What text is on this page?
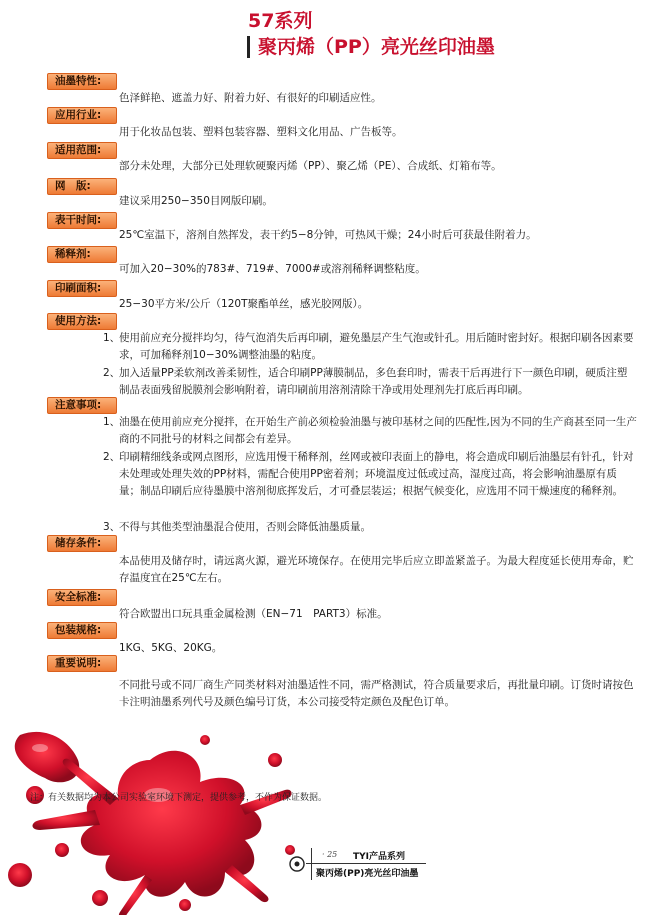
57系列
聚丙烯（PP）亮光丝印油墨
油墨特性:
色泽鲜艳、遮盖力好、附着力好、有很好的印刷适应性。
应用行业:
用于化妆品包装、塑料包装容器、塑料文化用品、广告板等。
适用范围:
部分未处理，大部分已处理软硬聚丙烯（PP）、聚乙烯（PE）、合成纸、灯箱布等。
网　版:
建议采用250−350目网版印刷。
表干时间:
25℃室温下，溶剂自然挥发，表干约5−8分钟，可热风干燥；24小时后可获最佳附着力。
稀释剂:
可加入20−30%的783#、719#、7000#或溶剂稀释调整粘度。
印刷面积:
25−30平方米/公斤（120T聚酯单丝，感光胶网版）。
使用方法:
1、
使用前应充分搅拌均匀，待气泡消失后再印刷，避免墨层产生气泡或针孔。用后随时密封好。根据印刷各因素要求，可加稀释剂10−30%调整油墨的粘度。
2、
加入适量PP柔软剂改善柔韧性，适合印刷PP薄膜制品，多色套印时，需表干后再进行下一颜色印刷，硬质注塑制品表面残留脱膜剂会影响附着，请印刷前用溶剂清除干净或用处理剂先打底后再印刷。
注意事项:
1、
油墨在使用前应充分搅拌，在开始生产前必须检验油墨与被印基材之间的匹配性,因为不同的生产商甚至同一生产商的不同批号的材料之间都会有差异。
2、
印刷精细线条或网点图形，应选用慢干稀释剂，丝网或被印表面上的静电，将会造成印刷后油墨层有针孔，针对未处理或处理失效的PP材料，需配合使用PP密着剂；环境温度过低或过高，湿度过高，将会影响油墨原有质量；制品印刷后应待墨膜中溶剂彻底挥发后，才可叠层装运；根据气候变化，应选用不同干燥速度的稀释剂。
3、
不得与其他类型油墨混合使用，否则会降低油墨质量。
储存条件:
本品使用及储存时，请远离火源，避光环境保存。在使用完毕后应立即盖紧盖子。为最大程度延长使用寿命，贮存温度宜在25℃左右。
安全标准:
符合欧盟出口玩具重金属检测（EN−71　PART3）标准。
包装规格:
1KG、5KG、20KG。
重要说明:
不同批号或不同厂商生产同类材料对油墨适性不同，需严格测试，符合质量要求后，再批量印刷。订货时请按色卡注明油墨系列代号及颜色编号订货，本公司接受特定颜色及配色订单。
注：有关数据均为本公司实验室环境下测定，提供参考，不作为保证数据。
· 25 TYI产品系列
聚丙烯(PP)亮光丝印油墨
